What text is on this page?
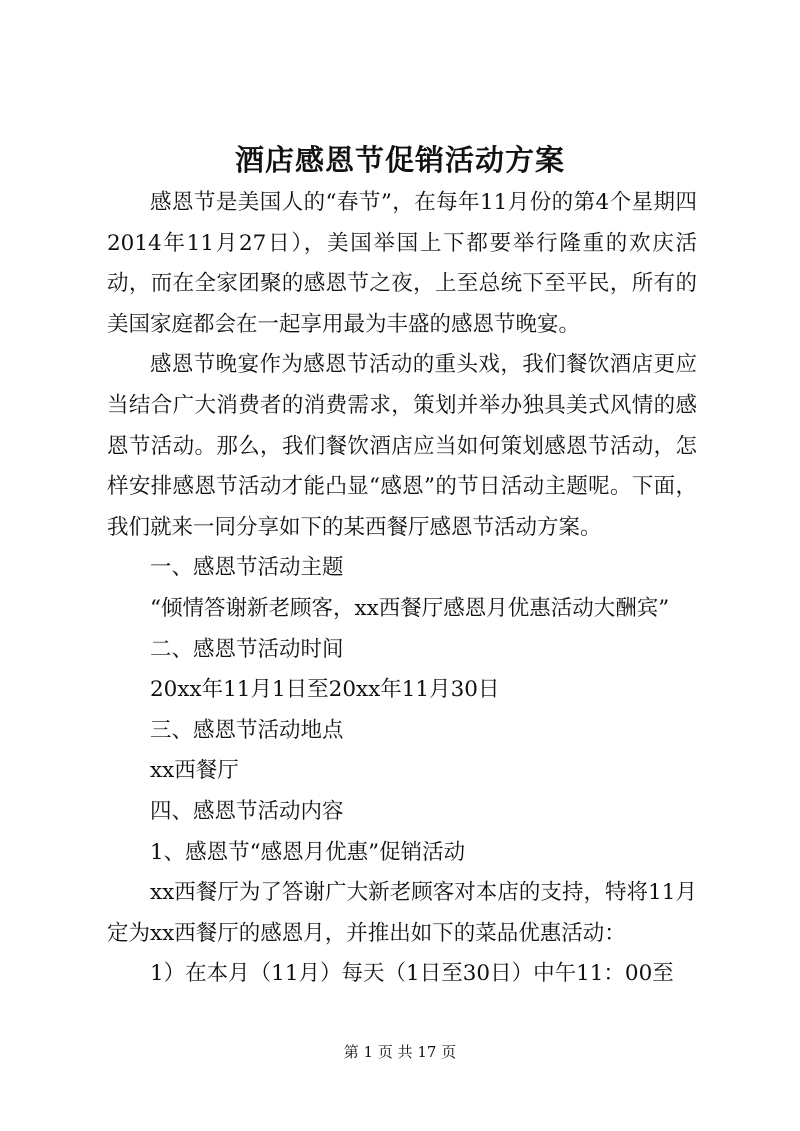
酒店感恩节促销活动方案

感恩节是美国人的“春节”，在每年11月份的第4个星期四2014年11月27日），美国举国上下都要举行隆重的欢庆活动，而在全家团聚的感恩节之夜，上至总统下至平民，所有的美国家庭都会在一起享用最为丰盛的感恩节晚宴。

感恩节晚宴作为感恩节活动的重头戏，我们餐饮酒店更应当结合广大消费者的消费需求，策划并举办独具美式风情的感恩节活动。那么，我们餐饮酒店应当如何策划感恩节活动，怎样安排感恩节活动才能凸显“感恩”的节日活动主题呢。下面，我们就来一同分享如下的某西餐厅感恩节活动方案。

一、感恩节活动主题

“倾情答谢新老顾客，xx西餐厅感恩月优惠活动大酬宾”

二、感恩节活动时间

20xx年11月1日至20xx年11月30日

三、感恩节活动地点

xx西餐厅

四、感恩节活动内容

1、感恩节“感恩月优惠”促销活动

xx西餐厅为了答谢广大新老顾客对本店的支持，特将11月定为xx西餐厅的感恩月，并推出如下的菜品优惠活动：

1）在本月（11月）每天（1日至30日）中午11：00至

第 1 页 共 17 页
